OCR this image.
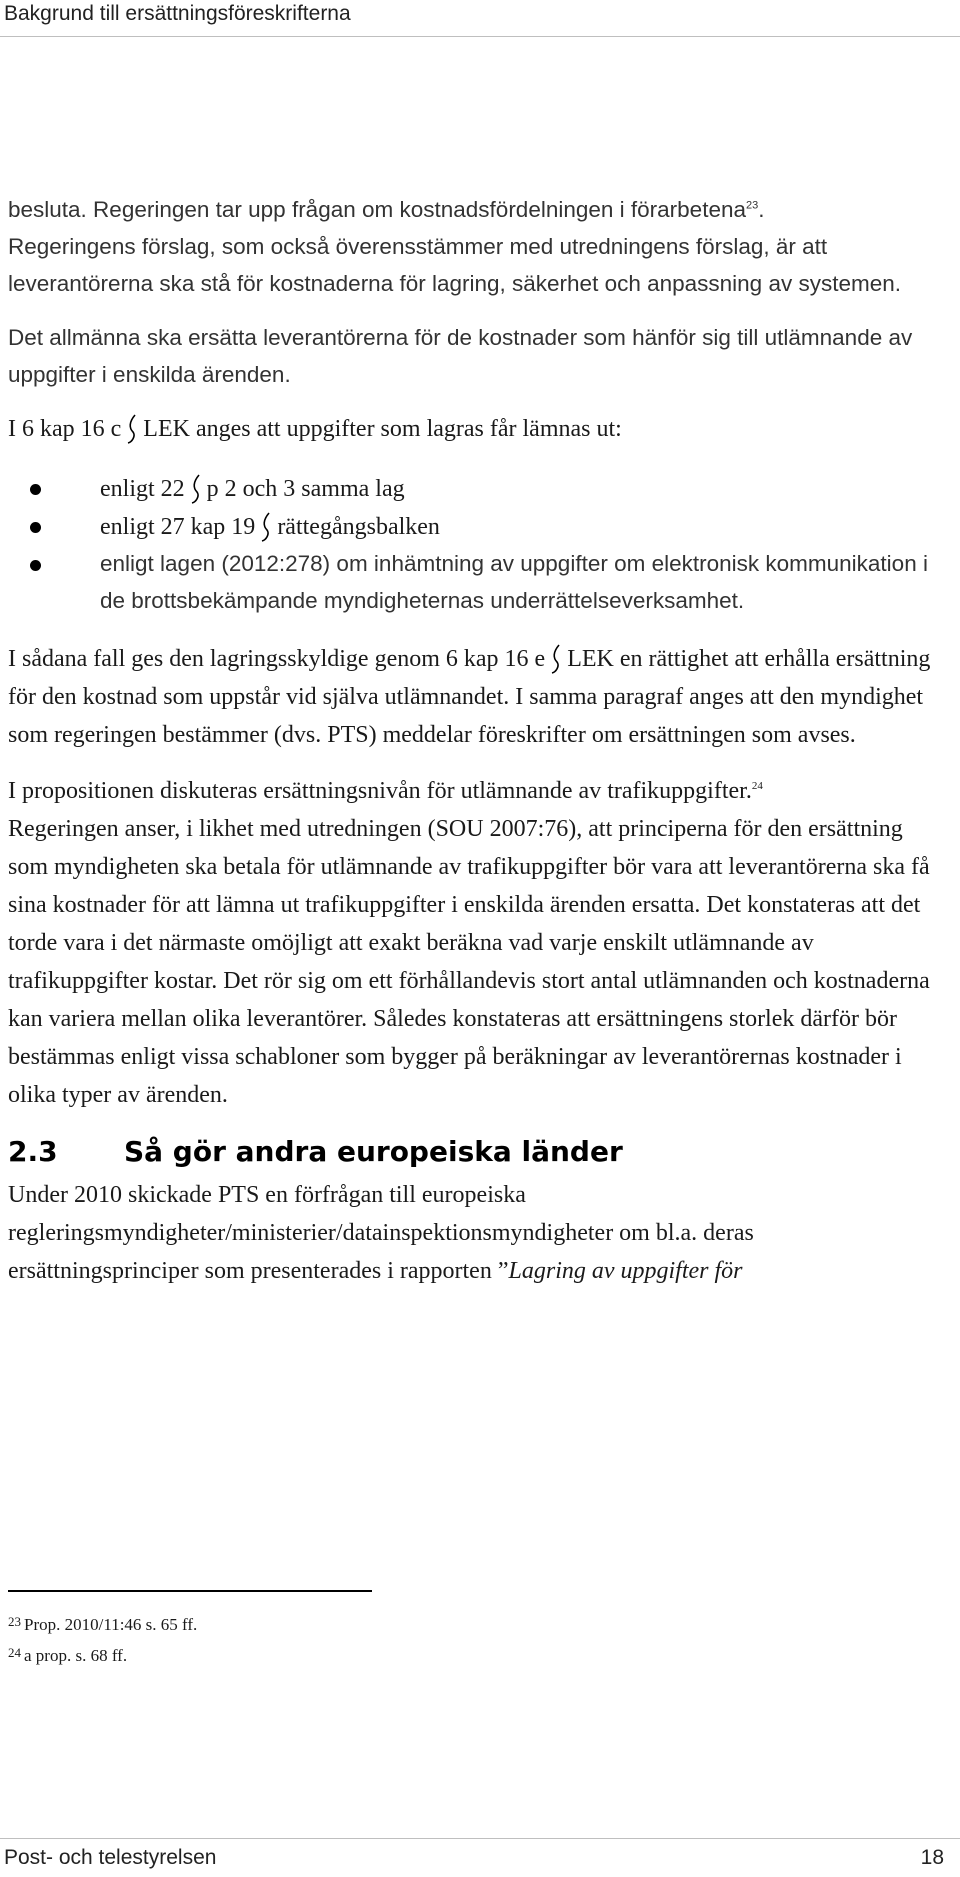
Bakgrund till ersättningsföreskrifterna

besluta. Regeringen tar upp frågan om kostnadsfördelningen i förarbetena$^{23}$.
Regeringens förslag, som också överensstämmer med utredningens förslag, är att leverantörerna ska stå för kostnaderna för lagring, säkerhet och anpassning av systemen.

Det allmänna ska ersätta leverantörerna för de kostnader som hänför sig till utlämnande av uppgifter i enskilda ärenden.

I 6 kap 16 c LEK anges att uppgifter som lagras får lämnas ut:

enligt 22 p 2 och 3 samma lag
enligt 27 kap 19 rättegångsbalken
enligt lagen (2012:278) om inhämtning av uppgifter om elektronisk kommunikation i de brottsbekämpande myndigheternas underrättelseverksamhet.

I sådana fall ges den lagringsskyldige genom 6 kap 16 e LEK en rättighet att erhålla ersättning för den kostnad som uppstår vid själva utlämnandet. I samma paragraf anges att den myndighet som regeringen bestämmer (dvs. PTS) meddelar föreskrifter om ersättningen som avses.

I propositionen diskuteras ersättningsnivån för utlämnande av trafikuppgifter.$^{24}$
Regeringen anser, i likhet med utredningen (SOU 2007:76), att principerna för den ersättning som myndigheten ska betala för utlämnande av trafikuppgifter bör vara att leverantörerna ska få sina kostnader för att lämna ut trafikuppgifter i enskilda ärenden ersatta. Det konstateras att det torde vara i det närmaste omöjligt att exakt beräkna vad varje enskilt utlämnande av trafikuppgifter kostar. Det rör sig om ett förhållandevis stort antal utlämnanden och kostnaderna kan variera mellan olika leverantörer. Således konstateras att ersättningens storlek därför bör bestämmas enligt vissa schabloner som bygger på beräkningar av leverantörernas kostnader i olika typer av ärenden.

2.3 Så gör andra europeiska länder

Under 2010 skickade PTS en förfrågan till europeiska regleringsmyndigheter/ministerier/datainspektionsmyndigheter om bl.a. deras ersättningsprinciper som presenterades i rapporten ”Lagring av uppgifter för

$^{23}$ Prop. 2010/11:46 s. 65 ff.
$^{24}$ a prop. s. 68 ff.
Post- och telestyrelsen	18
